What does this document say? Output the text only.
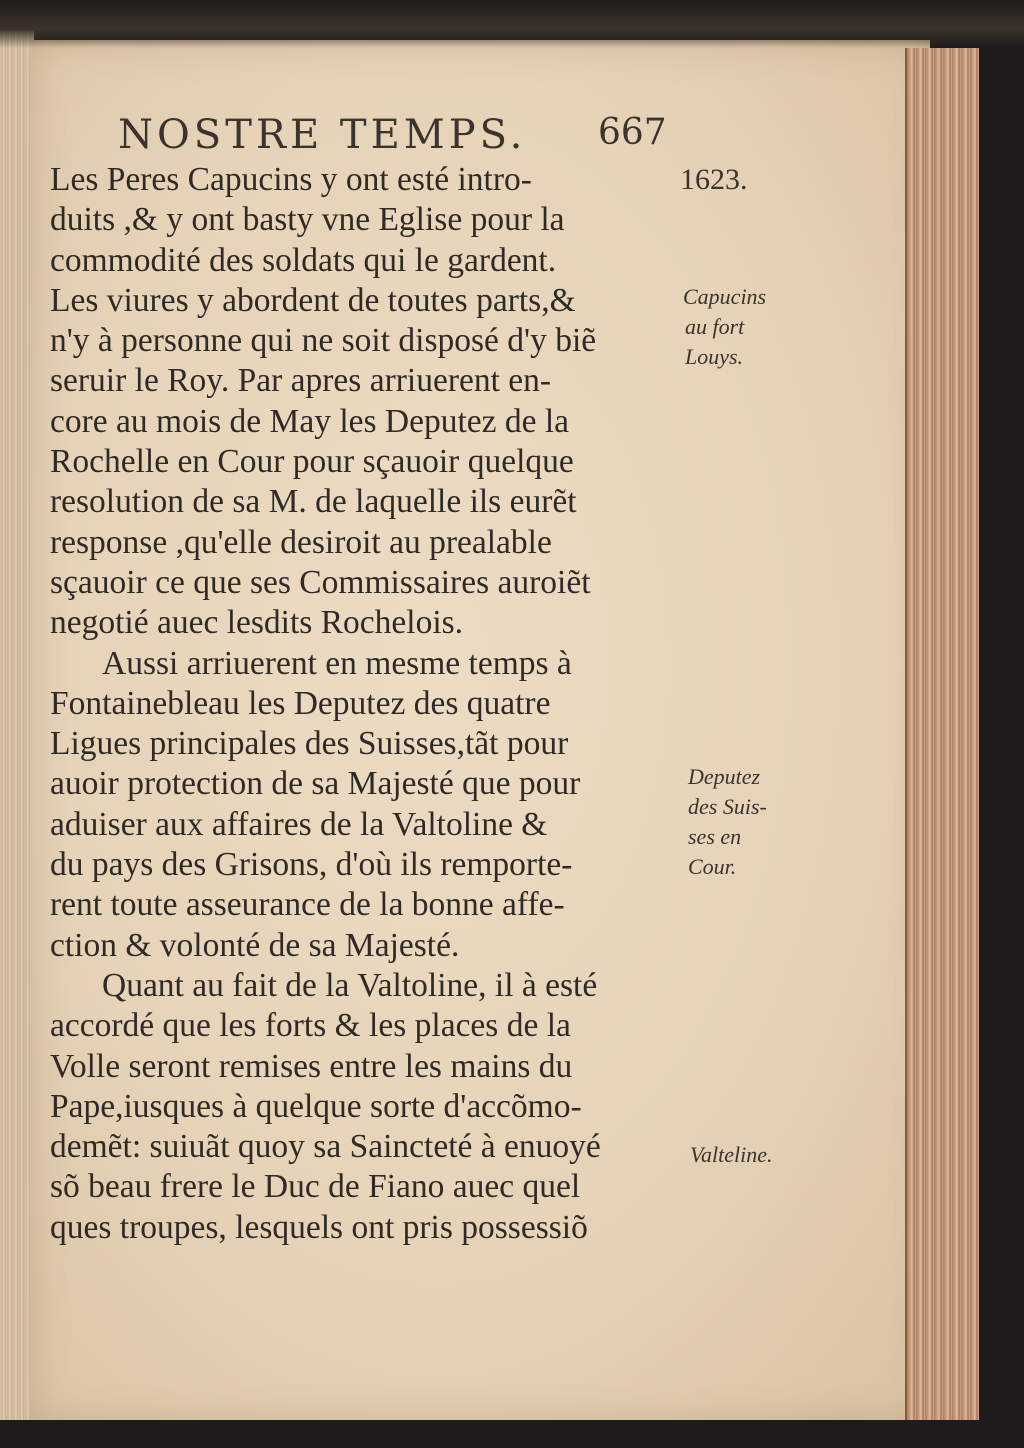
NOSTRE TEMPS. 667
1623.
Les Peres Capucins y ont esté intro-
duits ,& y ont basty vne Eglise pour la
commodité des soldats qui le gardent.
Les viures y abordent de toutes parts,&
n'y à personne qui ne soit disposé d'y biẽ
seruir le Roy. Par apres arriuerent en-
core au mois de May les Deputez de la
Rochelle en Cour pour sçauoir quelque
resolution de sa M. de laquelle ils eurẽt
response ,qu'elle desiroit au prealable
sçauoir ce que ses Commissaires auroiẽt
negotié auec lesdits Rochelois.
Aussi arriuerent en mesme temps à
Fontainebleau les Deputez des quatre
Ligues principales des Suisses,tãt pour
auoir protection de sa Majesté que pour
aduiser aux affaires de la Valtoline &
du pays des Grisons, d'où ils remporte-
rent toute asseurance de la bonne affe-
ction & volonté de sa Majesté.
Quant au fait de la Valtoline, il à esté
accordé que les forts & les places de la
Volle seront remises entre les mains du
Pape,iusques à quelque sorte d'accõmo-
demẽt: suiuãt quoy sa Saincteté à enuoyé
sõ beau frere le Duc de Fiano auec quel
ques troupes, lesquels ont pris possessiõ
Capucins
au fort
Louys.
Deputez
des Suis-
ses en
Cour.
Valteline.
